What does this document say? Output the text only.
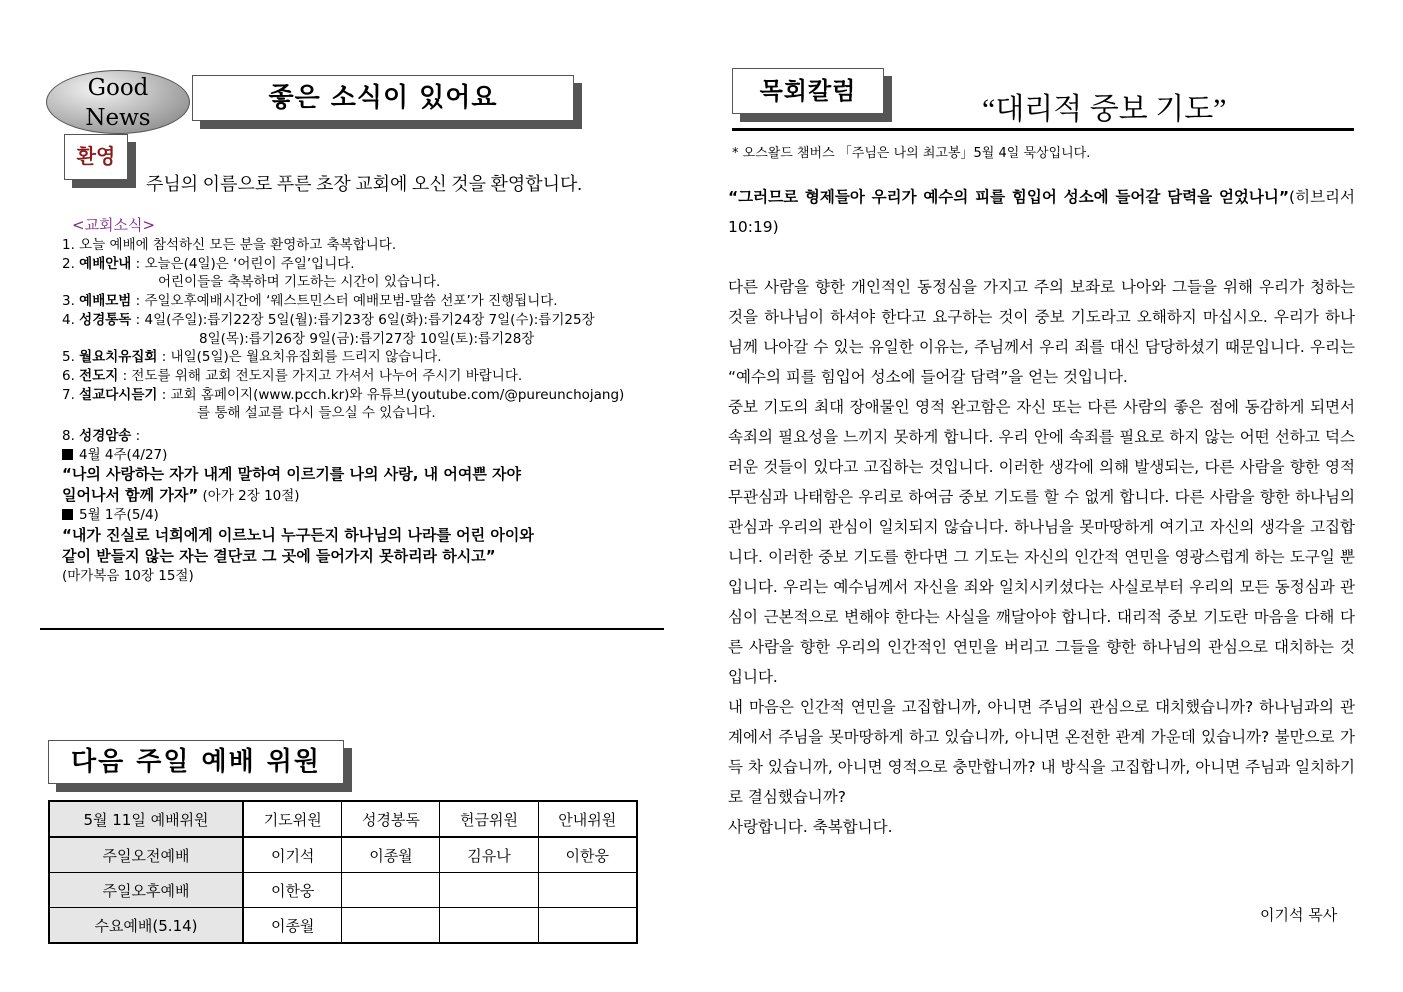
Good
News
좋은 소식이 있어요
환영
주님의 이름으로 푸른 초장 교회에 오신 것을 환영합니다.
<교회소식>
1. 오늘 예배에 참석하신 모든 분을 환영하고 축복합니다.
2. 예배안내 : 오늘은(4일)은 ‘어린이 주일’입니다.
어린이들을 축복하며 기도하는 시간이 있습니다.
3. 예배모범 : 주일오후예배시간에 ‘웨스트민스터 예배모범-말씀 선포’가 진행됩니다.
4. 성경통독 : 4일(주일):릅기22장 5일(월):릅기23장 6일(화):릅기24장 7일(수):릅기25장
8일(목):릅기26장 9일(금):릅기27장 10일(토):릅기28장
5. 월요치유집회 : 내일(5일)은 월요치유집회를 드리지 않습니다.
6. 전도지 : 전도를 위해 교회 전도지를 가지고 가셔서 나누어 주시기 바랍니다.
7. 설교다시듣기 : 교회 홈페이지(www.pcch.kr)와 유튜브(youtube.com/@pureunchojang)
를 통해 설교를 다시 들으실 수 있습니다.
8. 성경암송 :
4월 4주(4/27)
“나의 사랑하는 자가 내게 말하여 이르기를 나의 사랑, 내 어여쁜 자야
일어나서 함께 가자” (아가 2장 10절)
5월 1주(5/4)
“내가 진실로 너희에게 이르노니 누구든지 하나님의 나라를 어린 아이와
같이 받들지 않는 자는 결단코 그 곳에 들어가지 못하리라 하시고”
(마가복음 10장 15절)
다음 주일 예배 위원
5월 11일 예배위원	기도위원	성경봉독	헌금위원	안내위원
주일오전예배	이기석	이종월	김유나	이한웅
주일오후예배	이한웅			
수요예배(5.14)	이종월			
목회칼럼
“대리적 중보 기도”
* 오스왈드 챔버스 「주님은 나의 최고봉」5월 4일 묵상입니다.

“그러므로 형제들아 우리가 예수의 피를 힘입어 성소에 들어갈 담력을 얻었나니”(히브리서10:19)

다른 사람을 향한 개인적인 동정심을 가지고 주의 보좌로 나아와 그들을 위해 우리가 청하는 것을 하나님이 하셔야 한다고 요구하는 것이 중보 기도라고 오해하지 마십시오. 우리가 하나님께 나아갈 수 있는 유일한 이유는, 주님께서 우리 죄를 대신 담당하셨기 때문입니다. 우리는 “예수의 피를 힘입어 성소에 들어갈 담력”을 얻는 것입니다.

중보 기도의 최대 장애물인 영적 완고함은 자신 또는 다른 사람의 좋은 점에 동감하게 되면서 속죄의 필요성을 느끼지 못하게 합니다. 우리 안에 속죄를 필요로 하지 않는 어떤 선하고 덕스러운 것들이 있다고 고집하는 것입니다. 이러한 생각에 의해 발생되는, 다른 사람을 향한 영적 무관심과 나태함은 우리로 하여금 중보 기도를 할 수 없게 합니다. 다른 사람을 향한 하나님의 관심과 우리의 관심이 일치되지 않습니다. 하나님을 못마땅하게 여기고 자신의 생각을 고집합니다. 이러한 중보 기도를 한다면 그 기도는 자신의 인간적 연민을 영광스럽게 하는 도구일 뿐입니다. 우리는 예수님께서 자신을 죄와 일치시키셨다는 사실로부터 우리의 모든 동정심과 관심이 근본적으로 변해야 한다는 사실을 깨달아야 합니다. 대리적 중보 기도란 마음을 다해 다른 사람을 향한 우리의 인간적인 연민을 버리고 그들을 향한 하나님의 관심으로 대치하는 것입니다.

내 마음은 인간적 연민을 고집합니까, 아니면 주님의 관심으로 대치했습니까? 하나님과의 관계에서 주님을 못마땅하게 하고 있습니까, 아니면 온전한 관계 가운데 있습니까? 불만으로 가득 차 있습니까, 아니면 영적으로 충만합니까? 내 방식을 고집합니까, 아니면 주님과 일치하기로 결심했습니까?

사랑합니다. 축복합니다.

이기석 목사
